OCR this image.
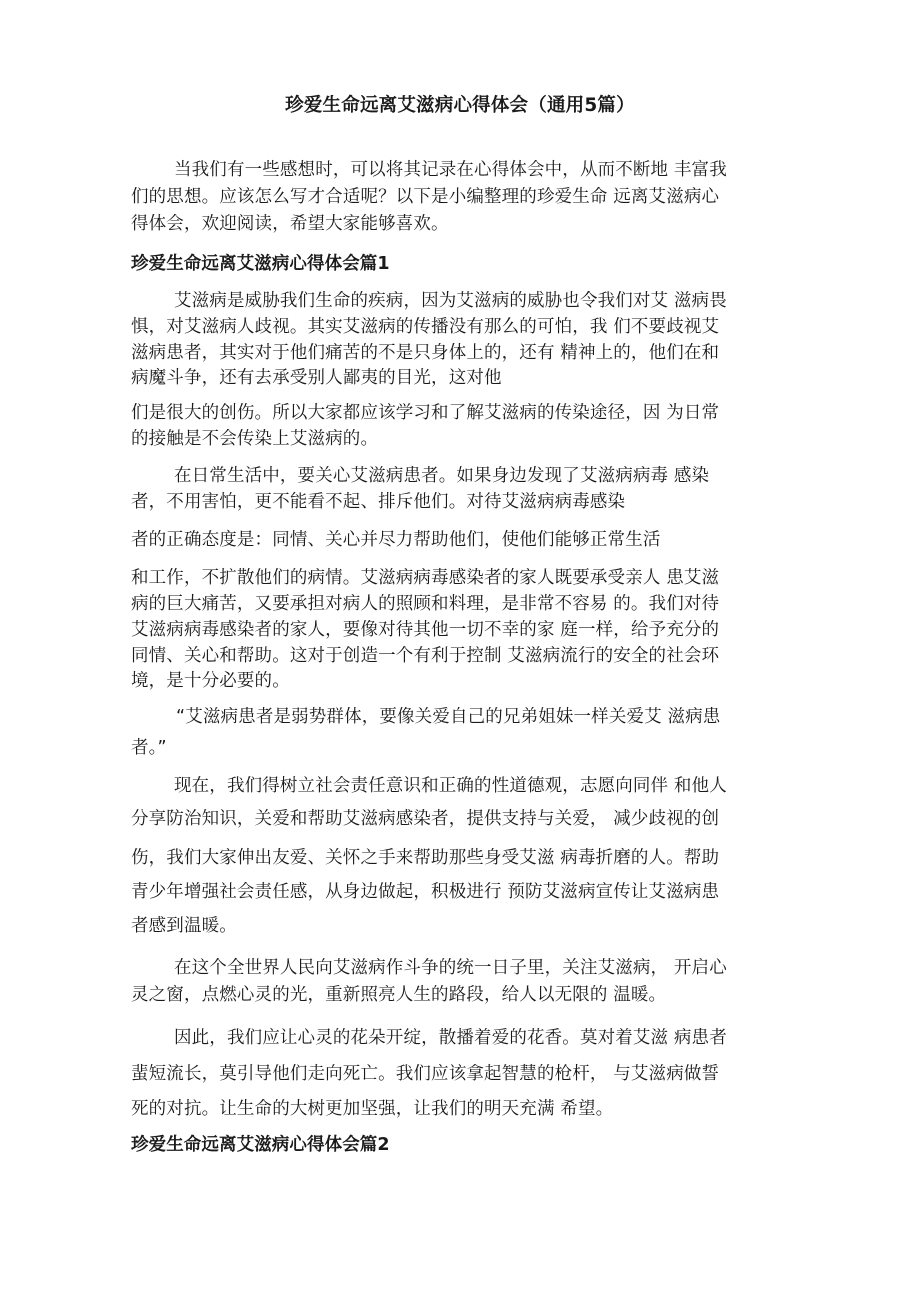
珍爱生命远离艾滋病心得体会（通用5篇）
当我们有一些感想时，可以将其记录在心得体会中，从而不断地 丰富我
们的思想。应该怎么写才合适呢？以下是小编整理的珍爱生命 远离艾滋病心
得体会，欢迎阅读，希望大家能够喜欢。
珍爱生命远离艾滋病心得体会篇1
艾滋病是威胁我们生命的疾病，因为艾滋病的威胁也令我们对艾 滋病畏
惧，对艾滋病人歧视。其实艾滋病的传播没有那么的可怕，我 们不要歧视艾
滋病患者，其实对于他们痛苦的不是只身体上的，还有 精神上的，他们在和
病魔斗争，还有去承受别人鄙夷的目光，这对他
们是很大的创伤。所以大家都应该学习和了解艾滋病的传染途径，因 为日常
的接触是不会传染上艾滋病的。
在日常生活中，要关心艾滋病患者。如果身边发现了艾滋病病毒 感染
者，不用害怕，更不能看不起、排斥他们。对待艾滋病病毒感染
者的正确态度是：同情、关心并尽力帮助他们，使他们能够正常生活
和工作，不扩散他们的病情。艾滋病病毒感染者的家人既要承受亲人 患艾滋
病的巨大痛苦，又要承担对病人的照顾和料理，是非常不容易 的。我们对待
艾滋病病毒感染者的家人，要像对待其他一切不幸的家 庭一样，给予充分的
同情、关心和帮助。这对于创造一个有利于控制 艾滋病流行的安全的社会环
境，是十分必要的。
“艾滋病患者是弱势群体，要像关爱自己的兄弟姐妹一样关爱艾 滋病患
者。”
现在，我们得树立社会责任意识和正确的性道德观，志愿向同伴 和他人
分享防治知识，关爱和帮助艾滋病感染者，提供支持与关爱， 减少歧视的创
伤，我们大家伸出友爱、关怀之手来帮助那些身受艾滋 病毒折磨的人。帮助
青少年增强社会责任感，从身边做起，积极进行 预防艾滋病宣传让艾滋病患
者感到温暖。
在这个全世界人民向艾滋病作斗争的统一日子里，关注艾滋病， 开启心
灵之窗，点燃心灵的光，重新照亮人生的路段，给人以无限的 温暖。
因此，我们应让心灵的花朵开绽，散播着爱的花香。莫对着艾滋 病患者
蜚短流长，莫引导他们走向死亡。我们应该拿起智慧的枪杆， 与艾滋病做誓
死的对抗。让生命的大树更加坚强，让我们的明天充满 希望。
珍爱生命远离艾滋病心得体会篇2
